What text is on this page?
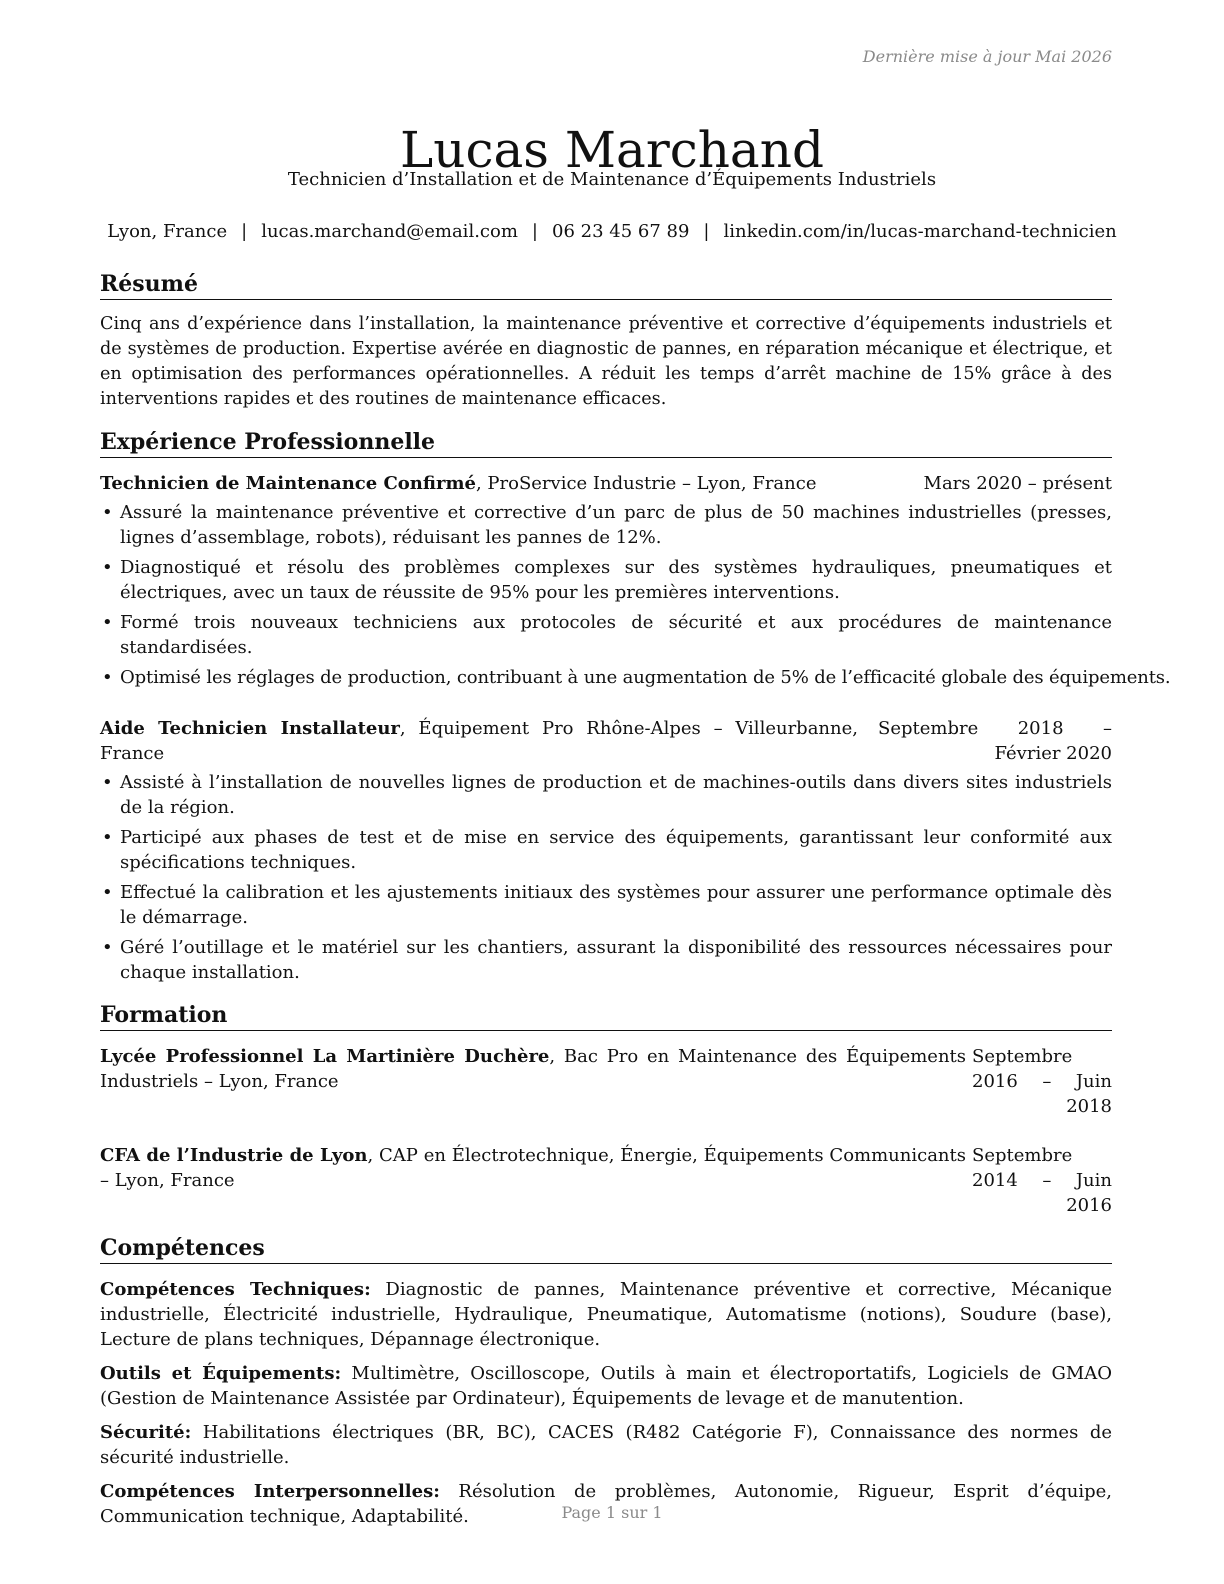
Dernière mise à jour Mai 2026
Lucas Marchand
Technicien d’Installation et de Maintenance d’Équipements Industriels
Lyon, France | lucas.marchand@email.com | 06 23 45 67 89 | linkedin.com/in/lucas-marchand-technicien
Résumé
Cinq ans d’expérience dans l’installation, la maintenance préventive et corrective d’équipements industriels et de systèmes de production. Expertise avérée en diagnostic de pannes, en réparation mécanique et électrique, et en optimisation des performances opérationnelles. A réduit les temps d’arrêt machine de 15% grâce à des interventions rapides et des routines de maintenance efficaces.
Expérience Professionnelle
Technicien de Maintenance Confirmé, ProService Industrie – Lyon, France	Mars 2020 – présent
• Assuré la maintenance préventive et corrective d’un parc de plus de 50 machines industrielles (presses, lignes d’assemblage, robots), réduisant les pannes de 12%.
• Diagnostiqué et résolu des problèmes complexes sur des systèmes hydrauliques, pneumatiques et électriques, avec un taux de réussite de 95% pour les premières interventions.
• Formé trois nouveaux techniciens aux protocoles de sécurité et aux procédures de maintenance standardisées.
• Optimisé les réglages de production, contribuant à une augmentation de 5% de l’efficacité globale des équipements.
Aide Technicien Installateur, Équipement Pro Rhône-Alpes – Villeurbanne, France
Septembre 2018 – Février 2020
• Assisté à l’installation de nouvelles lignes de production et de machines-outils dans divers sites industriels de la région.
• Participé aux phases de test et de mise en service des équipements, garantissant leur conformité aux spécifications techniques.
• Effectué la calibration et les ajustements initiaux des systèmes pour assurer une performance optimale dès le démarrage.
• Géré l’outillage et le matériel sur les chantiers, assurant la disponibilité des ressources nécessaires pour chaque installation.
Formation
Lycée Professionnel La Martinière Duchère, Bac Pro en Maintenance des Équipements Industriels – Lyon, France
Septembre 2016 – Juin 2018
CFA de l’Industrie de Lyon, CAP en Électrotechnique, Énergie, Équipements Communicants – Lyon, France
Septembre 2014 – Juin 2016
Compétences
Compétences Techniques: Diagnostic de pannes, Maintenance préventive et corrective, Mécanique industrielle, Électricité industrielle, Hydraulique, Pneumatique, Automatisme (notions), Soudure (base), Lecture de plans techniques, Dépannage électronique.
Outils et Équipements: Multimètre, Oscilloscope, Outils à main et électroportatifs, Logiciels de GMAO (Gestion de Maintenance Assistée par Ordinateur), Équipements de levage et de manutention.
Sécurité: Habilitations électriques (BR, BC), CACES (R482 Catégorie F), Connaissance des normes de sécurité industrielle.
Compétences Interpersonnelles: Résolution de problèmes, Autonomie, Rigueur, Esprit d’équipe, Communication technique, Adaptabilité.	Page 1 sur 1
